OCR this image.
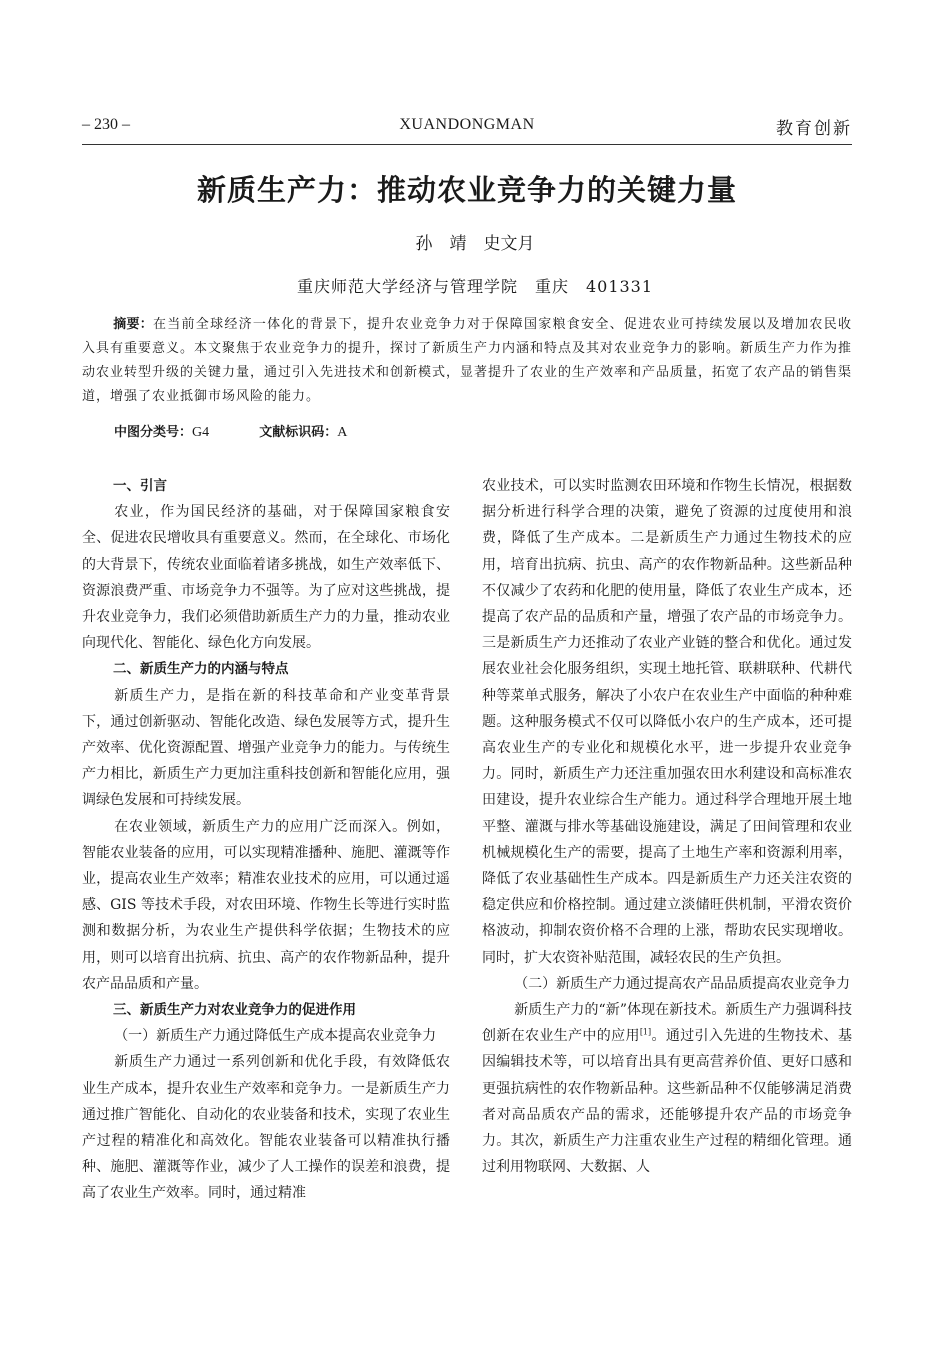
– 230 –	XUANDONGMAN	教育创新
新质生产力：推动农业竞争力的关键力量
孙　靖　史文月
重庆师范大学经济与管理学院　重庆　401331
摘要：在当前全球经济一体化的背景下，提升农业竞争力对于保障国家粮食安全、促进农业可持续发展以及增加农民收入具有重要意义。本文聚焦于农业竞争力的提升，探讨了新质生产力内涵和特点及其对农业竞争力的影响。新质生产力作为推动农业转型升级的关键力量，通过引入先进技术和创新模式，显著提升了农业的生产效率和产品质量，拓宽了农产品的销售渠道，增强了农业抵御市场风险的能力。
中图分类号：G4	文献标识码：A

一、引言

农业，作为国民经济的基础，对于保障国家粮食安全、促进农民增收具有重要意义。然而，在全球化、市场化的大背景下，传统农业面临着诸多挑战，如生产效率低下、资源浪费严重、市场竞争力不强等。为了应对这些挑战，提升农业竞争力，我们必须借助新质生产力的力量，推动农业向现代化、智能化、绿色化方向发展。

二、新质生产力的内涵与特点

新质生产力，是指在新的科技革命和产业变革背景下，通过创新驱动、智能化改造、绿色发展等方式，提升生产效率、优化资源配置、增强产业竞争力的能力。与传统生产力相比，新质生产力更加注重科技创新和智能化应用，强调绿色发展和可持续发展。

在农业领域，新质生产力的应用广泛而深入。例如，智能农业装备的应用，可以实现精准播种、施肥、灌溉等作业，提高农业生产效率；精准农业技术的应用，可以通过遥感、GIS 等技术手段，对农田环境、作物生长等进行实时监测和数据分析，为农业生产提供科学依据；生物技术的应用，则可以培育出抗病、抗虫、高产的农作物新品种，提升农产品品质和产量。

三、新质生产力对农业竞争力的促进作用

（一）新质生产力通过降低生产成本提高农业竞争力

新质生产力通过一系列创新和优化手段，有效降低农业生产成本，提升农业生产效率和竞争力。一是新质生产力通过推广智能化、自动化的农业装备和技术，实现了农业生产过程的精准化和高效化。智能农业装备可以精准执行播种、施肥、灌溉等作业，减少了人工操作的误差和浪费，提高了农业生产效率。同时，通过精准

农业技术，可以实时监测农田环境和作物生长情况，根据数据分析进行科学合理的决策，避免了资源的过度使用和浪费，降低了生产成本。二是新质生产力通过生物技术的应用，培育出抗病、抗虫、高产的农作物新品种。这些新品种不仅减少了农药和化肥的使用量，降低了农业生产成本，还提高了农产品的品质和产量，增强了农产品的市场竞争力。三是新质生产力还推动了农业产业链的整合和优化。通过发展农业社会化服务组织，实现土地托管、联耕联种、代耕代种等菜单式服务，解决了小农户在农业生产中面临的种种难题。这种服务模式不仅可以降低小农户的生产成本，还可提高农业生产的专业化和规模化水平，进一步提升农业竞争力。同时，新质生产力还注重加强农田水利建设和高标准农田建设，提升农业综合生产能力。通过科学合理地开展土地平整、灌溉与排水等基础设施建设，满足了田间管理和农业机械规模化生产的需要，提高了土地生产率和资源利用率，降低了农业基础性生产成本。四是新质生产力还关注农资的稳定供应和价格控制。通过建立淡储旺供机制，平滑农资价格波动，抑制农资价格不合理的上涨，帮助农民实现增收。同时，扩大农资补贴范围，减轻农民的生产负担。

（二）新质生产力通过提高农产品品质提高农业竞争力

新质生产力的“新”体现在新技术。新质生产力强调科技创新在农业生产中的应用[1]。通过引入先进的生物技术、基因编辑技术等，可以培育出具有更高营养价值、更好口感和更强抗病性的农作物新品种。这些新品种不仅能够满足消费者对高品质农产品的需求，还能够提升农产品的市场竞争力。其次，新质生产力注重农业生产过程的精细化管理。通过利用物联网、大数据、人
